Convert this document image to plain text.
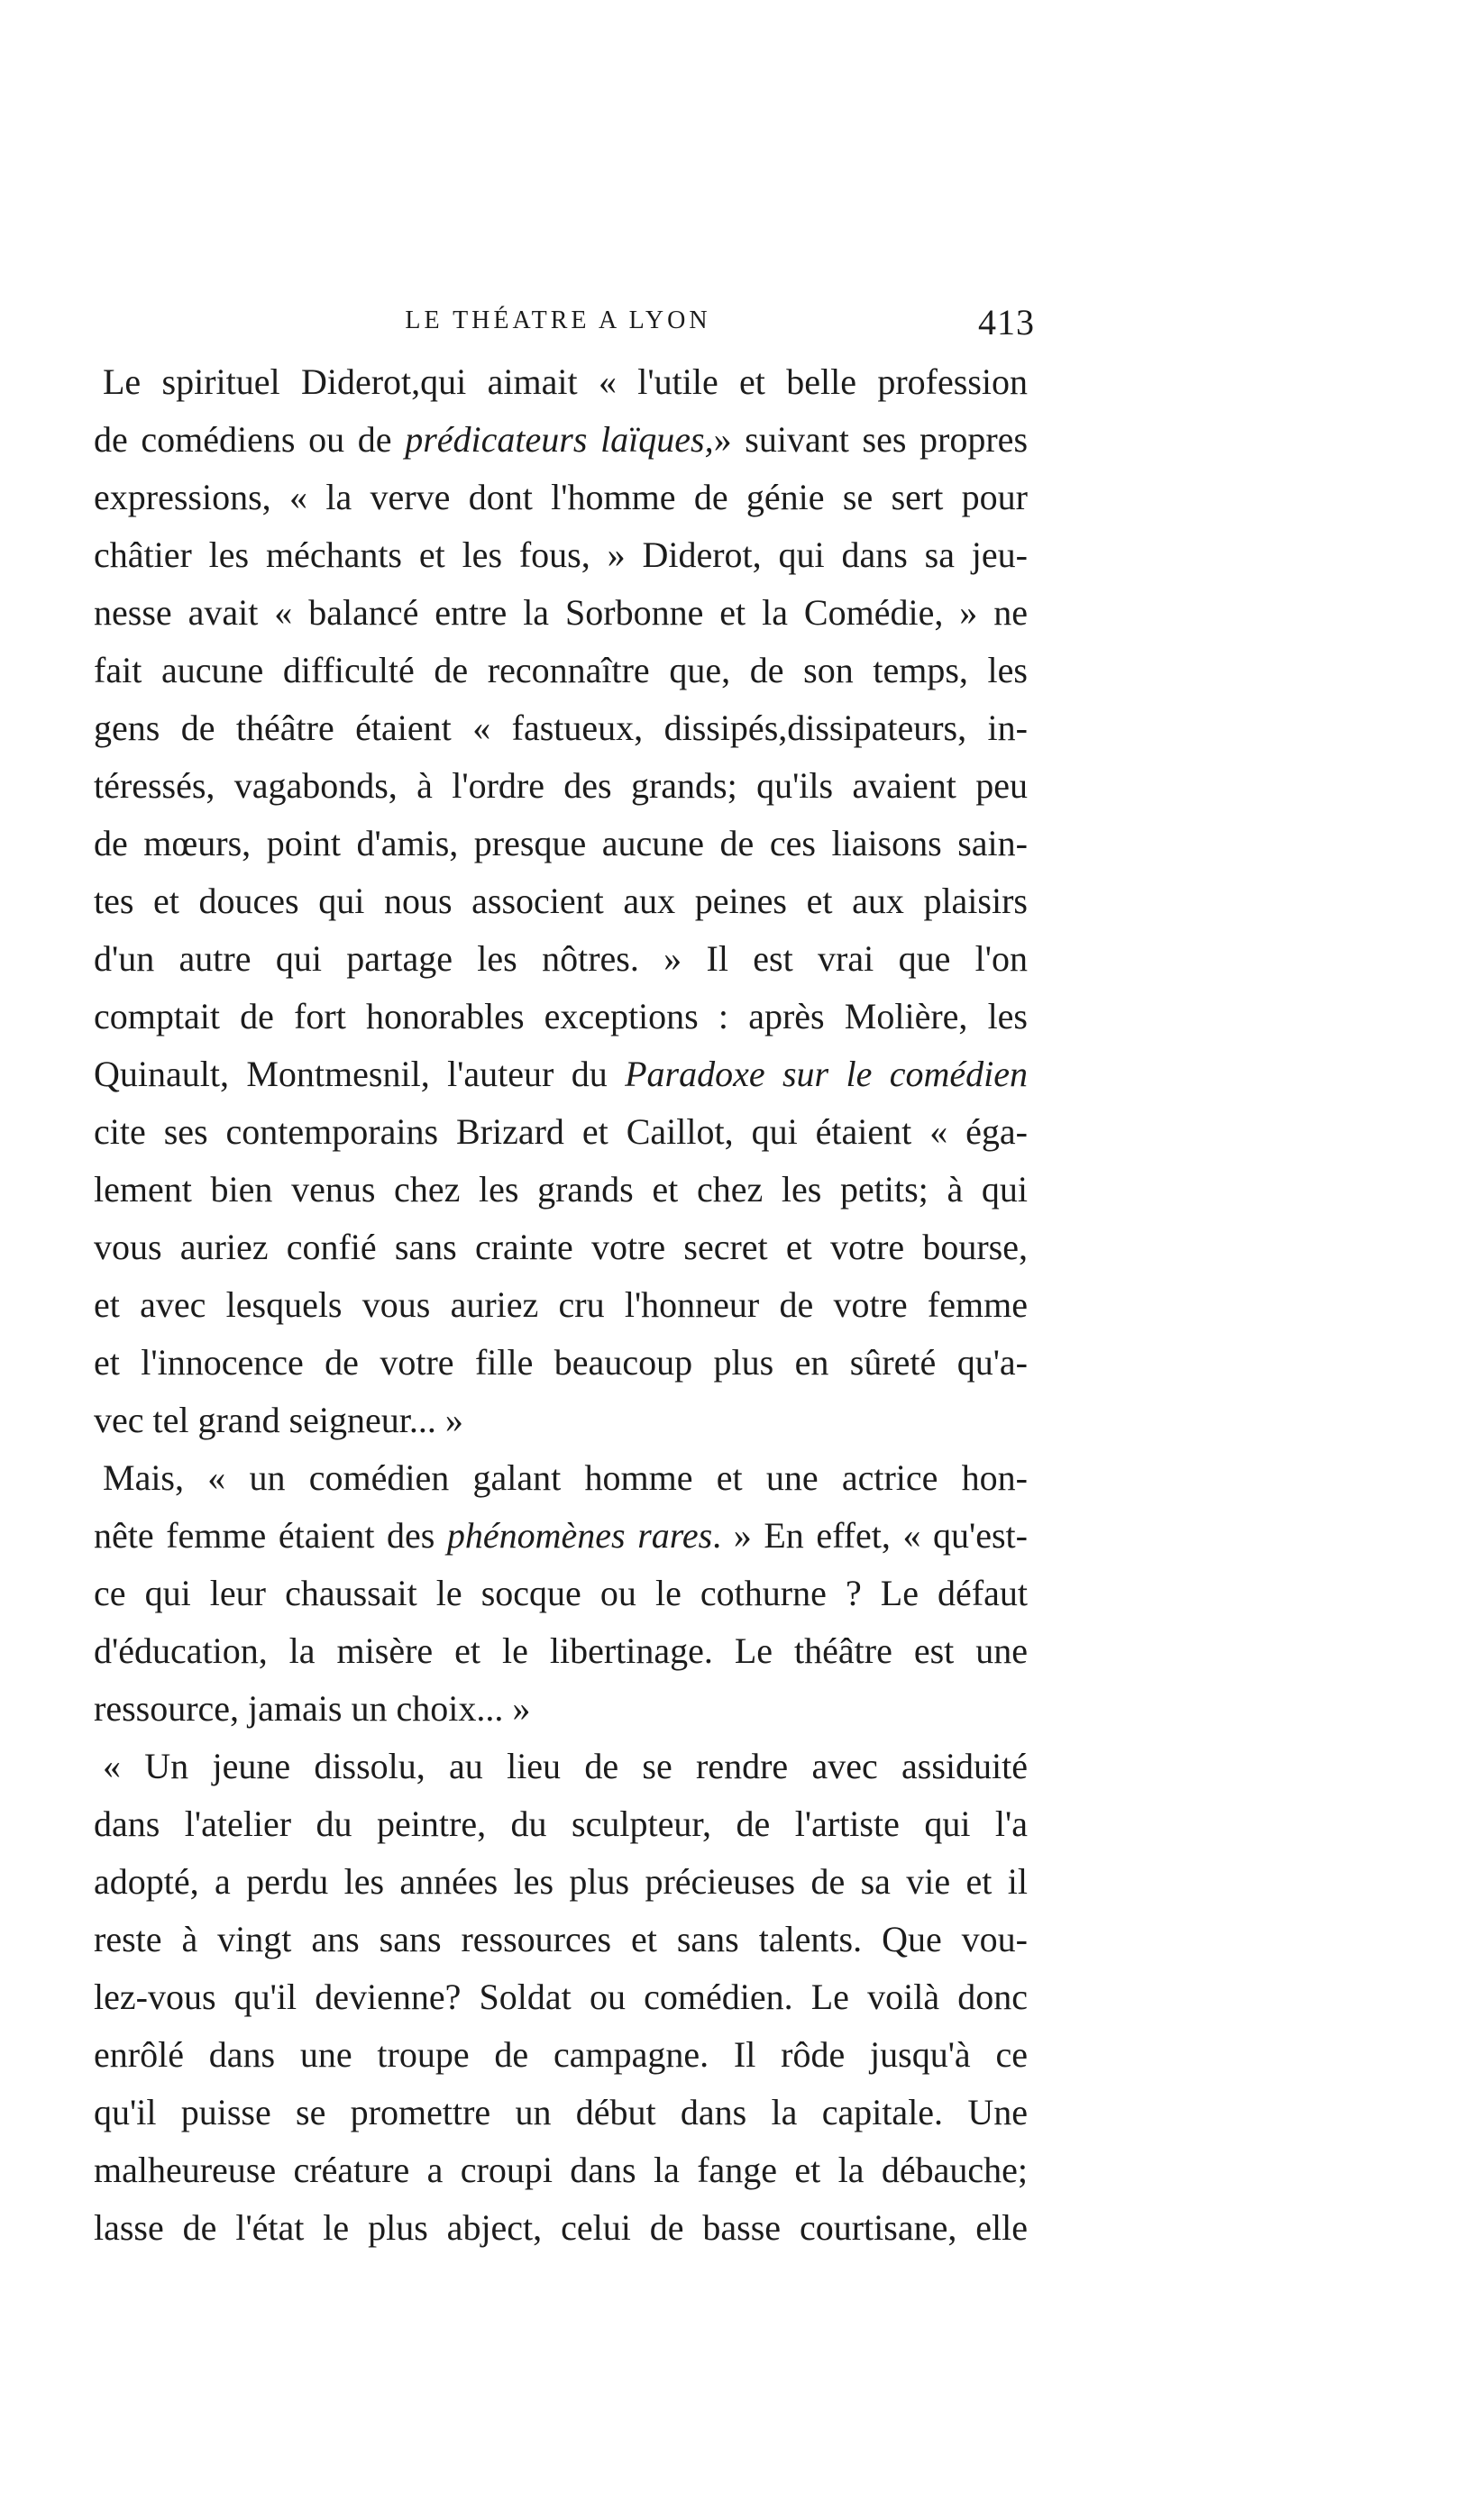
LE THÉATRE A LYON	413
Le spirituel Diderot,qui aimait « l'utile et belle profession
de comédiens ou de prédicateurs laïques,» suivant ses propres
expressions, « la verve dont l'homme de génie se sert pour
châtier les méchants et les fous, » Diderot, qui dans sa jeu-
nesse avait « balancé entre la Sorbonne et la Comédie, » ne
fait aucune difficulté de reconnaître que, de son temps, les
gens de théâtre étaient « fastueux, dissipés,dissipateurs, in-
téressés, vagabonds, à l'ordre des grands; qu'ils avaient peu
de mœurs, point d'amis, presque aucune de ces liaisons sain-
tes et douces qui nous associent aux peines et aux plaisirs
d'un autre qui partage les nôtres. » Il est vrai que l'on
comptait de fort honorables exceptions : après Molière, les
Quinault, Montmesnil, l'auteur du Paradoxe sur le comédien
cite ses contemporains Brizard et Caillot, qui étaient « éga-
lement bien venus chez les grands et chez les petits; à qui
vous auriez confié sans crainte votre secret et votre bourse,
et avec lesquels vous auriez cru l'honneur de votre femme
et l'innocence de votre fille beaucoup plus en sûreté qu'a-
vec tel grand seigneur... »
Mais, « un comédien galant homme et une actrice hon-
nête femme étaient des phénomènes rares. » En effet, « qu'est-
ce qui leur chaussait le socque ou le cothurne ? Le défaut
d'éducation, la misère et le libertinage. Le théâtre est une
ressource, jamais un choix... »
« Un jeune dissolu, au lieu de se rendre avec assiduité
dans l'atelier du peintre, du sculpteur, de l'artiste qui l'a
adopté, a perdu les années les plus précieuses de sa vie et il
reste à vingt ans sans ressources et sans talents. Que vou-
lez-vous qu'il devienne? Soldat ou comédien. Le voilà donc
enrôlé dans une troupe de campagne. Il rôde jusqu'à ce
qu'il puisse se promettre un début dans la capitale. Une
malheureuse créature a croupi dans la fange et la débauche;
lasse de l'état le plus abject, celui de basse courtisane, elle
